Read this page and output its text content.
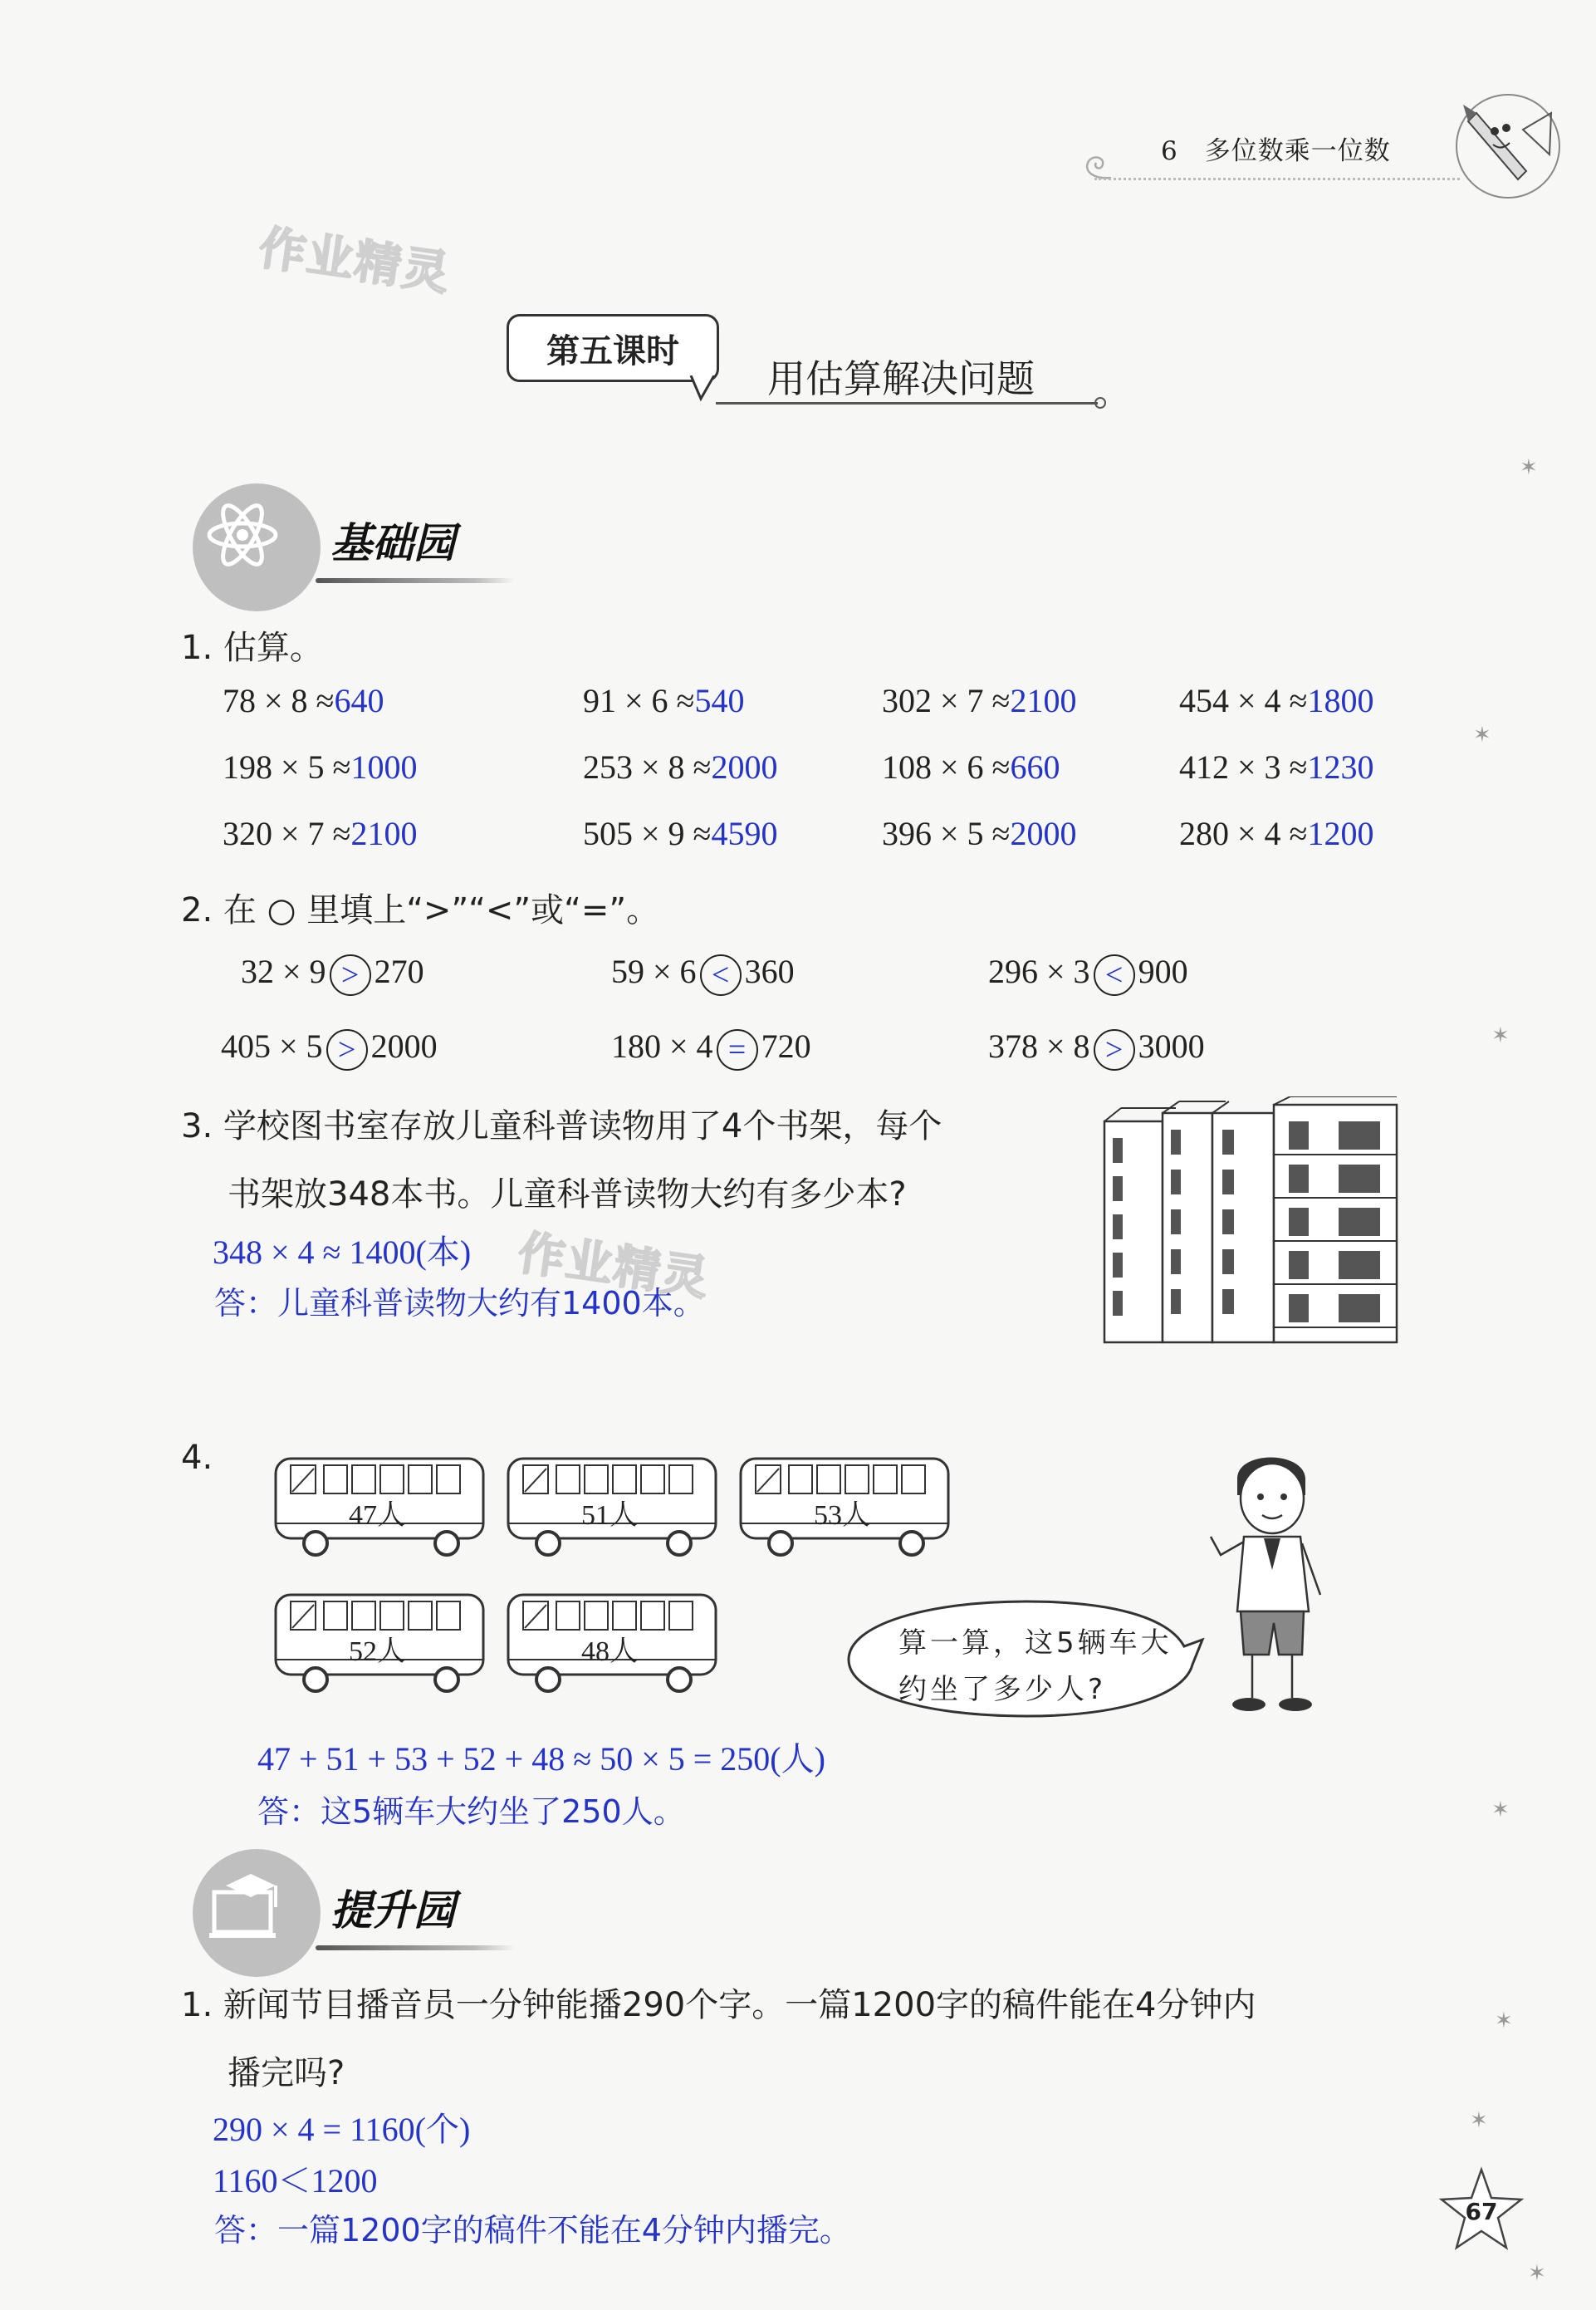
6　多位数乘一位数
作业精灵
第五课时
用估算解决问题
基础园
1. 估算。
78 × 8 ≈640	91 × 6 ≈540	302 × 7 ≈2100	454 × 4 ≈1800
198 × 5 ≈1000	253 × 8 ≈2000	108 × 6 ≈660	412 × 3 ≈1230
320 × 7 ≈2100	505 × 9 ≈4590	396 × 5 ≈2000	280 × 4 ≈1200
2. 在 ○ 里填上“>”“<”或“=”。
32 × 9 > 270	59 × 6 < 360	296 × 3 < 900
405 × 5 > 2000	180 × 4 = 720	378 × 8 > 3000
3. 学校图书室存放儿童科普读物用了4个书架，每个
书架放348本书。儿童科普读物大约有多少本?
348 × 4 ≈ 1400(本)
答：儿童科普读物大约有1400本。
作业精灵
4.
47人	51人	53人
52人	48人	算一算，这5辆车大约坐了多少人?
47 + 51 + 53 + 52 + 48 ≈ 50 × 5 = 250(人)
答：这5辆车大约坐了250人。
提升园
1. 新闻节目播音员一分钟能播290个字。一篇1200字的稿件能在4分钟内
播完吗?
290 × 4 = 1160(个)
1160＜1200
答：一篇1200字的稿件不能在4分钟内播完。
67
✶
✶
✶
✶
✶
✶
✶
